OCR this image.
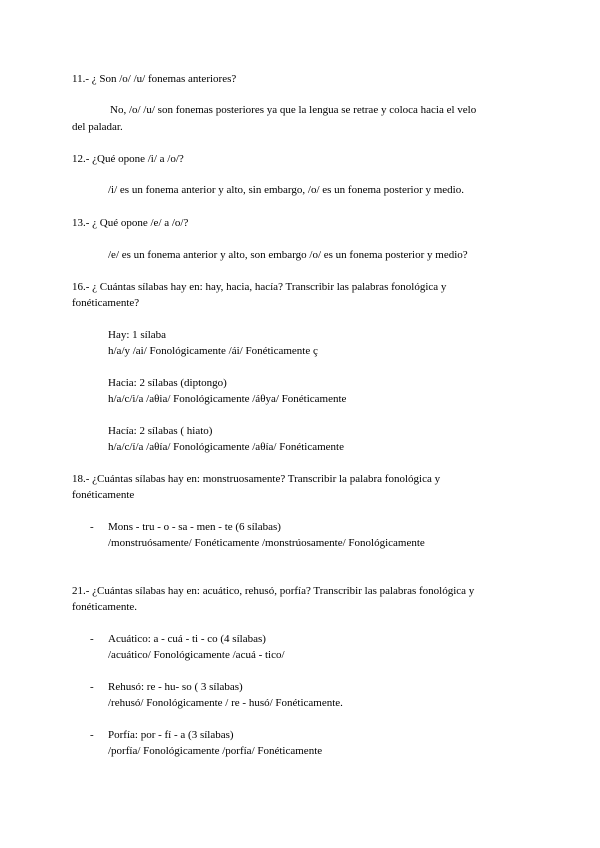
11.- ¿ Son /o/ /u/ fonemas anteriores?
No, /o/ /u/ son fonemas posteriores ya que la lengua se retrae y coloca hacia el velo
del paladar.
12.- ¿Qué opone /i/ a /o/?
/i/ es un fonema anterior y alto, sin embargo, /o/ es un fonema posterior y medio.
13.- ¿ Qué opone /e/ a /o/?
/e/ es un fonema anterior y alto, son embargo /o/ es un fonema posterior y medio?
16.- ¿ Cuántas sílabas hay en: hay, hacia, hacía? Transcribir las palabras fonológica y
fonéticamente?
Hay: 1 sílaba
h/a/y /ai/ Fonológicamente /ái/ Fonéticamente ç
Hacia: 2 sílabas (diptongo)
h/a/c/i/a /aθia/ Fonológicamente /áθya/ Fonéticamente
Hacía: 2 sílabas ( hiato)
h/a/c/í/a /aθía/ Fonológicamente /aθía/ Fonéticamente
18.- ¿Cuántas sílabas hay en: monstruosamente? Transcribir la palabra fonológica y
fonéticamente
- Mons - tru - o - sa - men - te (6 sílabas)
/monstruósamente/ Fonéticamente /monstrúosamente/ Fonológicamente
21.- ¿Cuántas sílabas hay en: acuático, rehusó, porfía? Transcribir las palabras fonológica y
fonéticamente.
- Acuático: a - cuá - ti - co (4 sílabas)
/acuático/ Fonológicamente /acuá - tico/
- Rehusó: re - hu- so ( 3 sílabas)
/rehusó/ Fonológicamente / re - husó/ Fonéticamente.
- Porfía: por - fí - a (3 sílabas)
/porfía/ Fonológicamente /porfía/ Fonéticamente
